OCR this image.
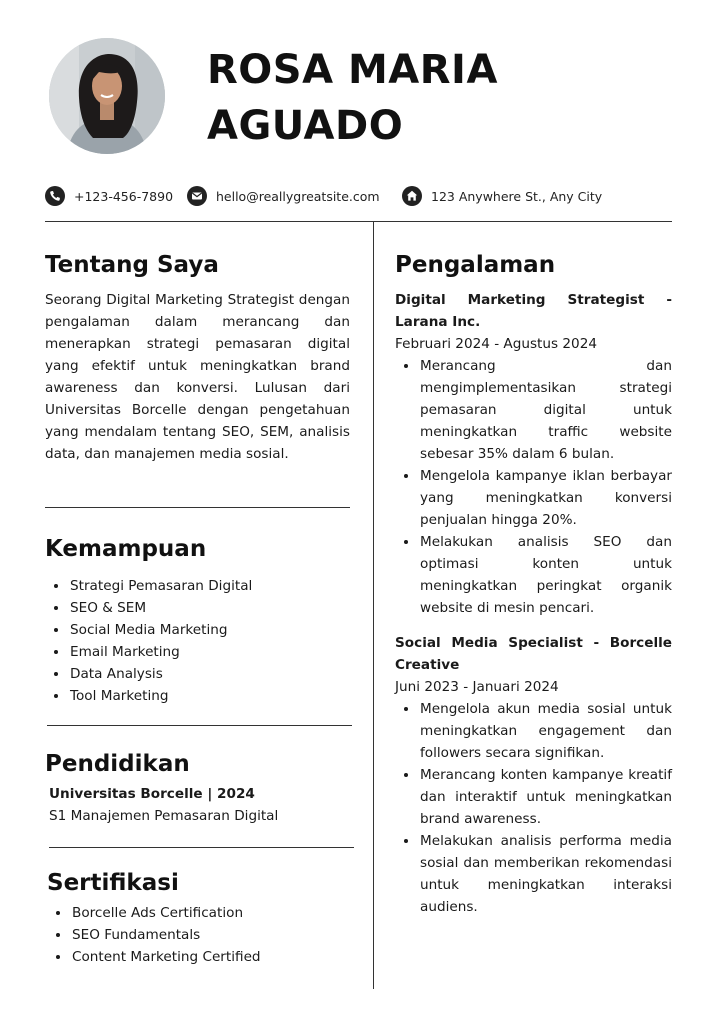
ROSA MARIA
AGUADO
+123-456-7890	hello@reallygreatsite.com	123 Anywhere St., Any City
Tentang Saya

Seorang Digital Marketing Strategist dengan pengalaman dalam merancang dan menerapkan strategi pemasaran digital yang efektif untuk meningkatkan brand awareness dan konversi. Lulusan dari Universitas Borcelle dengan pengetahuan yang mendalam tentang SEO, SEM, analisis data, dan manajemen media sosial.

Kemampuan
• Strategi Pemasaran Digital
• SEO & SEM
• Social Media Marketing
• Email Marketing
• Data Analysis
• Tool Marketing
Pendidikan
Universitas Borcelle | 2024
S1 Manajemen Pemasaran Digital
Sertifikasi
• Borcelle Ads Certification
• SEO Fundamentals
• Content Marketing Certified
Pengalaman
Digital Marketing Strategist - Larana Inc.
Februari 2024 - Agustus 2024
• Merancang dan mengimplementasikan strategi pemasaran digital untuk meningkatkan traffic website sebesar 35% dalam 6 bulan.
• Mengelola kampanye iklan berbayar yang meningkatkan konversi penjualan hingga 20%.
• Melakukan analisis SEO dan optimasi konten untuk meningkatkan peringkat organik website di mesin pencari.
Social Media Specialist - Borcelle Creative
Juni 2023 - Januari 2024
• Mengelola akun media sosial untuk meningkatkan engagement dan followers secara signifikan.
• Merancang konten kampanye kreatif dan interaktif untuk meningkatkan brand awareness.
• Melakukan analisis performa media sosial dan memberikan rekomendasi untuk meningkatkan interaksi audiens.
